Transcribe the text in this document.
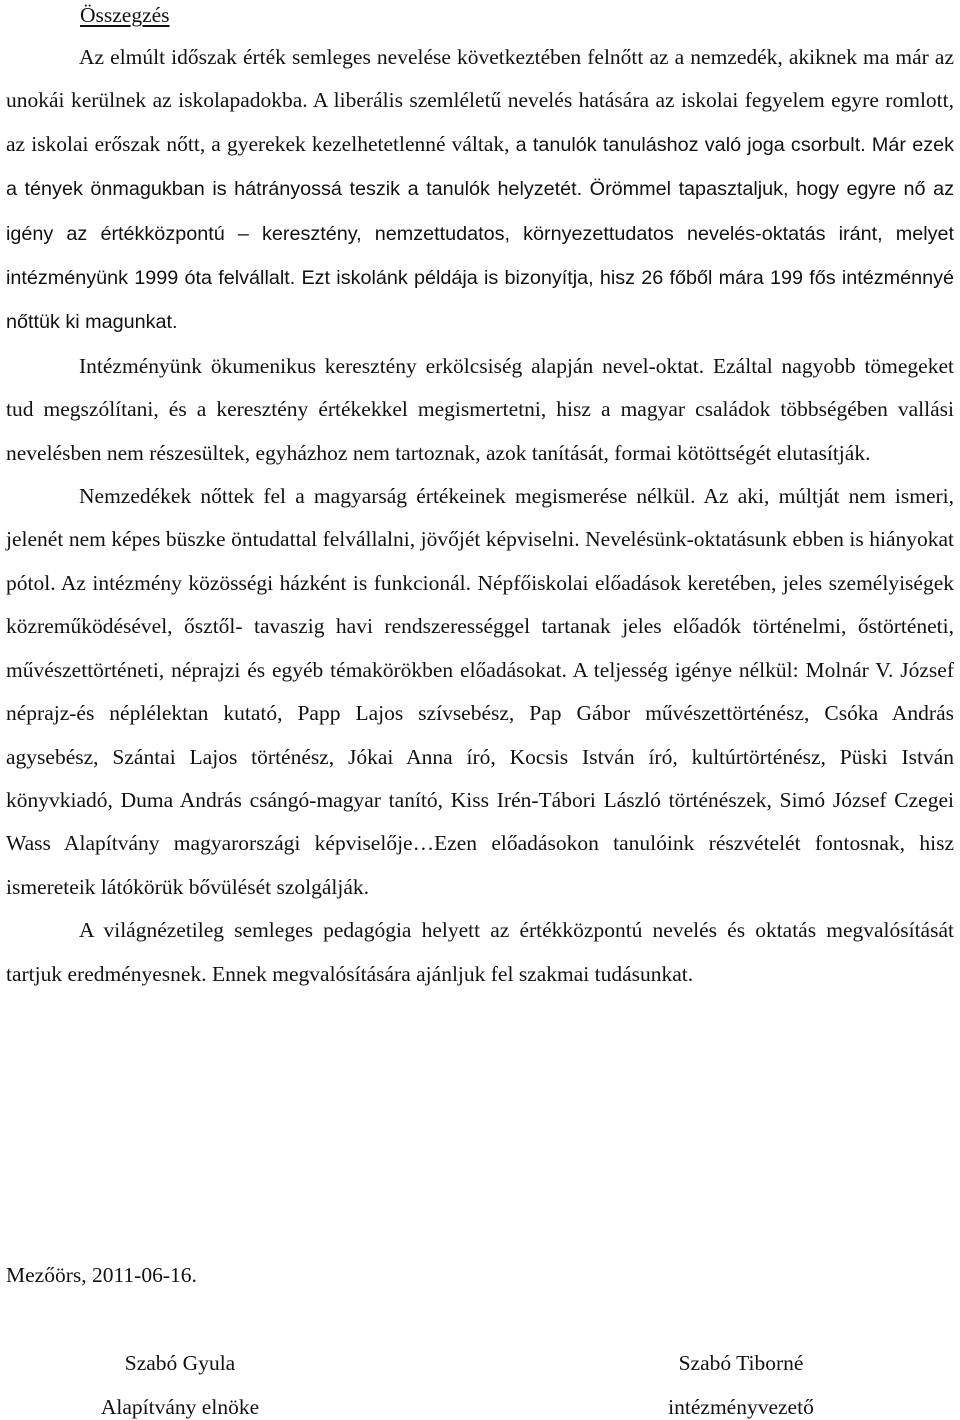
Összegzés

Az elmúlt időszak érték semleges nevelése következtében felnőtt az a nemzedék, akiknek ma már az unokái kerülnek az iskolapadokba. A liberális szemléletű nevelés hatására az iskolai fegyelem egyre romlott, az iskolai erőszak nőtt, a gyerekek kezelhetetlenné váltak, a tanulók tanuláshoz való joga csorbult. Már ezek a tények önmagukban is hátrányossá teszik a tanulók helyzetét. Örömmel tapasztaljuk, hogy egyre nő az igény az értékközpontú – keresztény, nemzettudatos, környezettudatos nevelés-oktatás iránt, melyet intézményünk 1999 óta felvállalt. Ezt iskolánk példája is bizonyítja, hisz 26 főből mára 199 fős intézménnyé nőttük ki magunkat.

Intézményünk ökumenikus keresztény erkölcsiség alapján nevel-oktat. Ezáltal nagyobb tömegeket tud megszólítani, és a keresztény értékekkel megismertetni, hisz a magyar családok többségében vallási nevelésben nem részesültek, egyházhoz nem tartoznak, azok tanítását, formai kötöttségét elutasítják.

Nemzedékek nőttek fel a magyarság értékeinek megismerése nélkül. Az aki, múltját nem ismeri, jelenét nem képes büszke öntudattal felvállalni, jövőjét képviselni. Nevelésünk-oktatásunk ebben is hiányokat pótol. Az intézmény közösségi házként is funkcionál. Népfőiskolai előadások keretében, jeles személyiségek közreműködésével, ősztől- tavaszig havi rendszerességgel tartanak jeles előadók történelmi, őstörténeti, művészettörténeti, néprajzi és egyéb témakörökben előadásokat. A teljesség igénye nélkül: Molnár V. József néprajz-és néplélektan kutató, Papp Lajos szívsebész, Pap Gábor művészettörténész, Csóka András agysebész, Szántai Lajos történész, Jókai Anna író, Kocsis István író, kultúrtörténész, Püski István könyvkiadó, Duma András csángó-magyar tanító, Kiss Irén-Tábori László történészek, Simó József Czegei Wass Alapítvány magyarországi képviselője…Ezen előadásokon tanulóink részvételét fontosnak, hisz ismereteik látókörük bővülését szolgálják.

A világnézetileg semleges pedagógia helyett az értékközpontú nevelés és oktatás megvalósítását tartjuk eredményesnek. Ennek megvalósítására ajánljuk fel szakmai tudásunkat.

Mezőörs, 2011-06-16.
Szabó Gyula
Alapítvány elnöke
Szabó Tiborné
intézményvezető
